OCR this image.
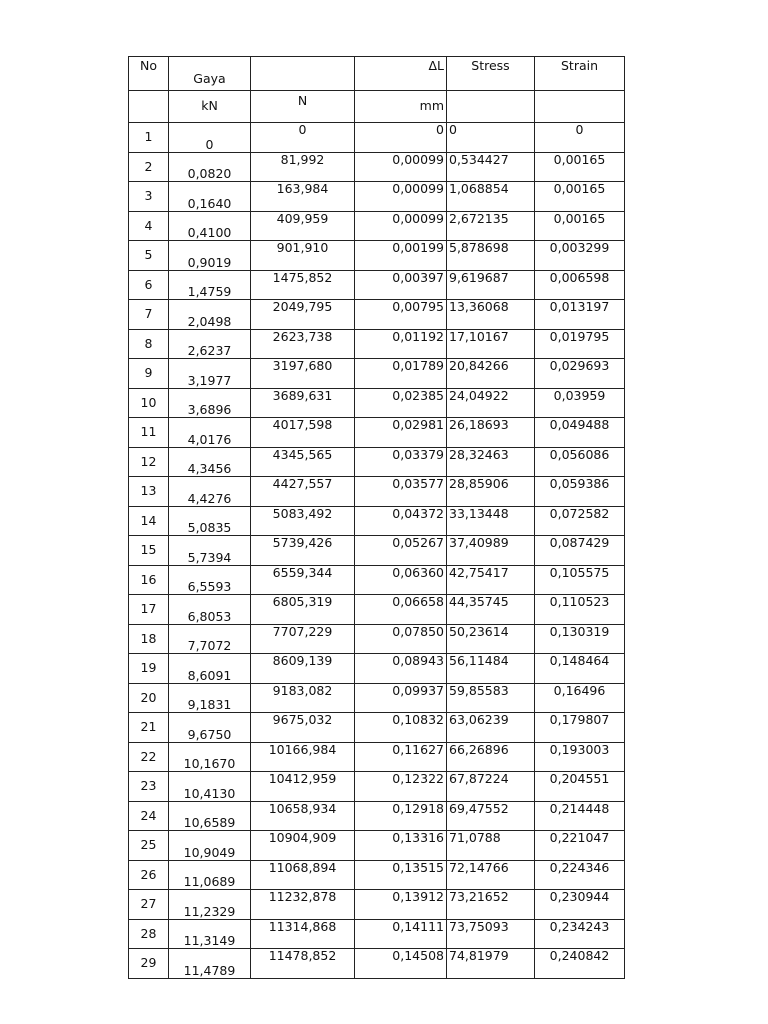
No	Gaya		ΔL	Stress	Strain
	kN	N	mm		
1	0	0	0	0	0
2	0,0820	81,992	0,00099	0,534427	0,00165
3	0,1640	163,984	0,00099	1,068854	0,00165
4	0,4100	409,959	0,00099	2,672135	0,00165
5	0,9019	901,910	0,00199	5,878698	0,003299
6	1,4759	1475,852	0,00397	9,619687	0,006598
7	2,0498	2049,795	0,00795	13,36068	0,013197
8	2,6237	2623,738	0,01192	17,10167	0,019795
9	3,1977	3197,680	0,01789	20,84266	0,029693
10	3,6896	3689,631	0,02385	24,04922	0,03959
11	4,0176	4017,598	0,02981	26,18693	0,049488
12	4,3456	4345,565	0,03379	28,32463	0,056086
13	4,4276	4427,557	0,03577	28,85906	0,059386
14	5,0835	5083,492	0,04372	33,13448	0,072582
15	5,7394	5739,426	0,05267	37,40989	0,087429
16	6,5593	6559,344	0,06360	42,75417	0,105575
17	6,8053	6805,319	0,06658	44,35745	0,110523
18	7,7072	7707,229	0,07850	50,23614	0,130319
19	8,6091	8609,139	0,08943	56,11484	0,148464
20	9,1831	9183,082	0,09937	59,85583	0,16496
21	9,6750	9675,032	0,10832	63,06239	0,179807
22	10,1670	10166,984	0,11627	66,26896	0,193003
23	10,4130	10412,959	0,12322	67,87224	0,204551
24	10,6589	10658,934	0,12918	69,47552	0,214448
25	10,9049	10904,909	0,13316	71,0788	0,221047
26	11,0689	11068,894	0,13515	72,14766	0,224346
27	11,2329	11232,878	0,13912	73,21652	0,230944
28	11,3149	11314,868	0,14111	73,75093	0,234243
29	11,4789	11478,852	0,14508	74,81979	0,240842
